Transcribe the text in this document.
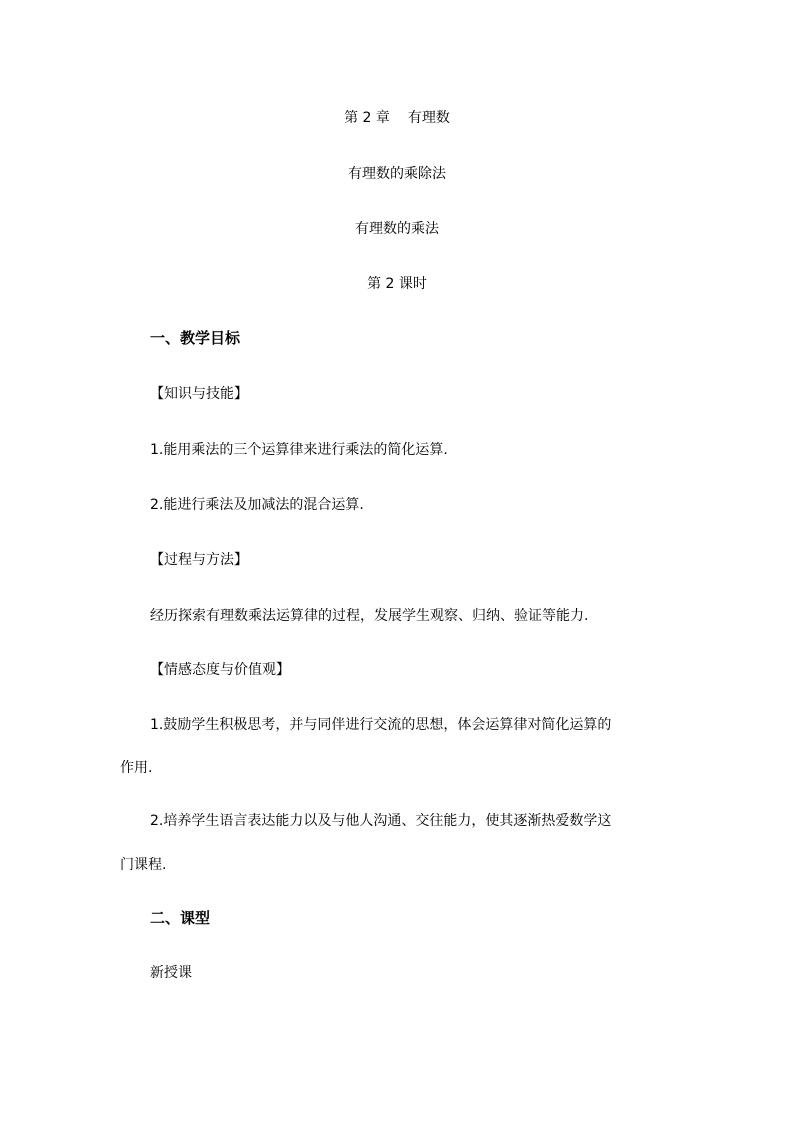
第 2 章 有理数
有理数的乘除法
有理数的乘法
第 2 课时
一、教学目标
【知识与技能】
1.能用乘法的三个运算律来进行乘法的简化运算.
2.能进行乘法及加减法的混合运算.
【过程与方法】
经历探索有理数乘法运算律的过程，发展学生观察、归纳、验证等能力.
【情感态度与价值观】
1.鼓励学生积极思考，并与同伴进行交流的思想，体会运算律对简化运算的
作用.
2.培养学生语言表达能力以及与他人沟通、交往能力，使其逐渐热爱数学这
门课程.
二、课型
新授课
